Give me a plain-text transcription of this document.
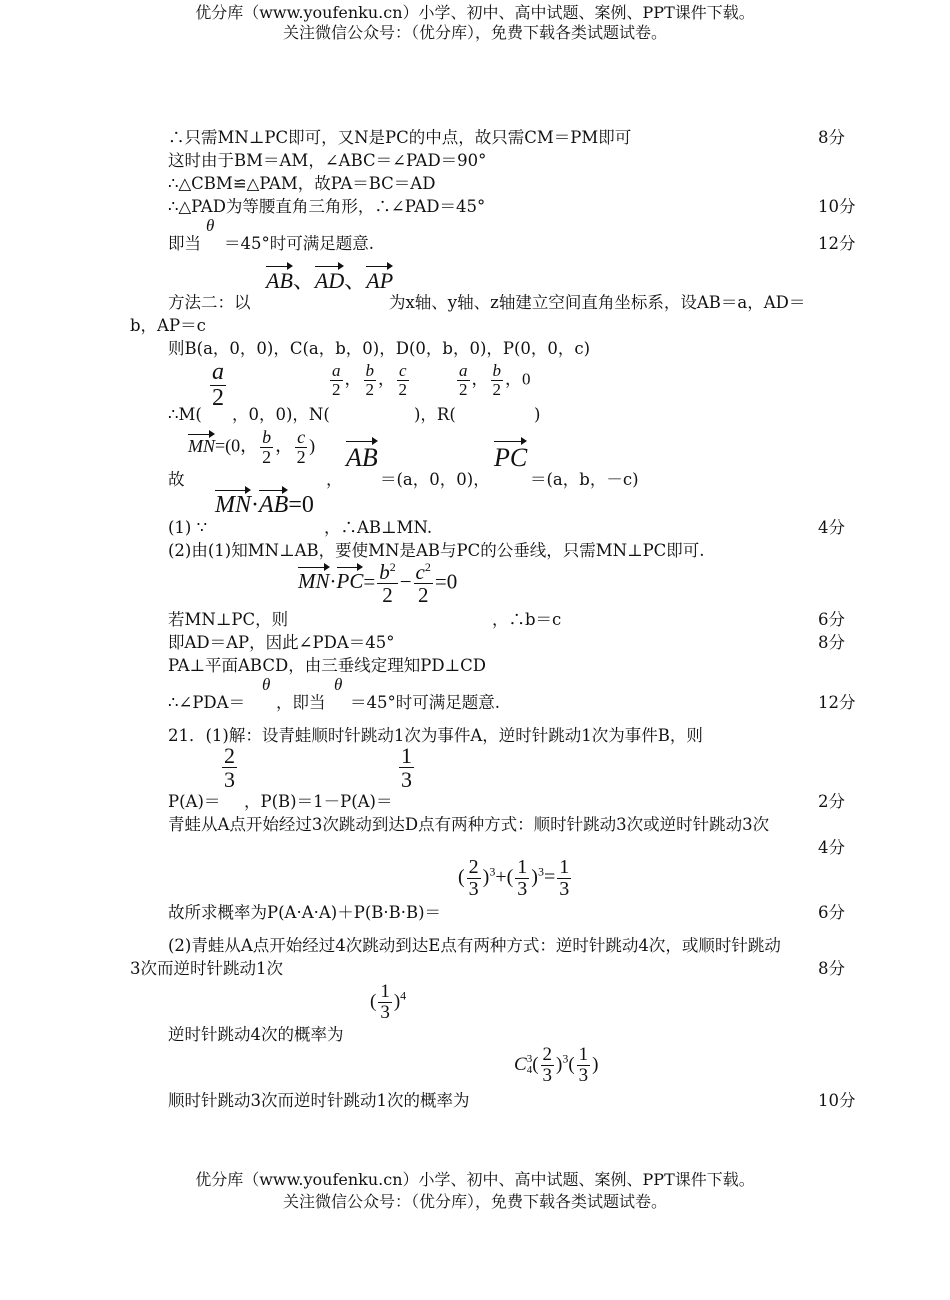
优分库（www.youfenku.cn）小学、初中、高中试题、案例、PPT课件下载。
关注微信公众号：（优分库），免费下载各类试题试卷。
∴只需MN⊥PC即可，又N是PC的中点，故只需CM＝PM即可	8分
这时由于BM＝AM，∠ABC＝∠PAD＝90°
∴△CBM≌△PAM，故PA＝BC＝AD
∴△PAD为等腰直角三角形，∴∠PAD＝45°	10分
即当
θ
＝45°时可满足题意.	12分
AB、AD、AP
方法二：以	为x轴、y轴、z轴建立空间直角坐标系，设AB＝a，AD＝
b，AP＝c
则B(a，0，0)，C(a，b，0)，D(0，b，0)，P(0，0，c)
$\frac{a}{2}$	$\frac{a}{2}$ ， $\frac{b}{2}$ ， $\frac{c}{2}$	$\frac{a}{2}$ ， $\frac{b}{2}$ ，0
∴M( ，0，0)，N(	)，R(	)
MN=(0， $\frac{b}{2}$ ， $\frac{c}{2}$ ) AB	PC
故	， ＝(a，0，0)， ＝(a，b，－c)
MN·AB=0
(1) ∵	，∴AB⊥MN.	4分
(2)由(1)知MN⊥AB，要使MN是AB与PC的公垂线，只需MN⊥PC即可.
$MN\cdot PC= \frac{b^2}{2} - \frac{c^2}{2} =0$
若MN⊥PC，则	，∴b＝c	6分
即AD＝AP，因此∠PDA＝45°	8分
PA⊥平面ABCD，由三垂线定理知PD⊥CD
θ	θ
∴∠PDA＝ ，即当 ＝45°时可满足题意.	12分
21．(1)解：设青蛙顺时针跳动1次为事件A，逆时针跳动1次为事件B，则
$\frac{2}{3}$	$\frac{1}{3}$
P(A)＝ ，P(B)＝1－P(A)＝	2分
青蛙从A点开始经过3次跳动到达D点有两种方式：顺时针跳动3次或逆时针跳动3次
4分
( $\frac{2}{3} )^3+( \frac{1}{3} )^3= \frac{1}{3}$
故所求概率为P(A·A·A)＋P(B·B·B)＝	6分
(2)青蛙从A点开始经过4次跳动到达E点有两种方式：逆时针跳动4次，或顺时针跳动
3次而逆时针跳动1次	8分
( $\frac{1}{3} )^4$
逆时针跳动4次的概率为
C 3
4 ( $\frac{2}{3} )^3( \frac{1}{3}$ )
顺时针跳动3次而逆时针跳动1次的概率为	10分
优分库（www.youfenku.cn）小学、初中、高中试题、案例、PPT课件下载。
关注微信公众号：（优分库），免费下载各类试题试卷。
